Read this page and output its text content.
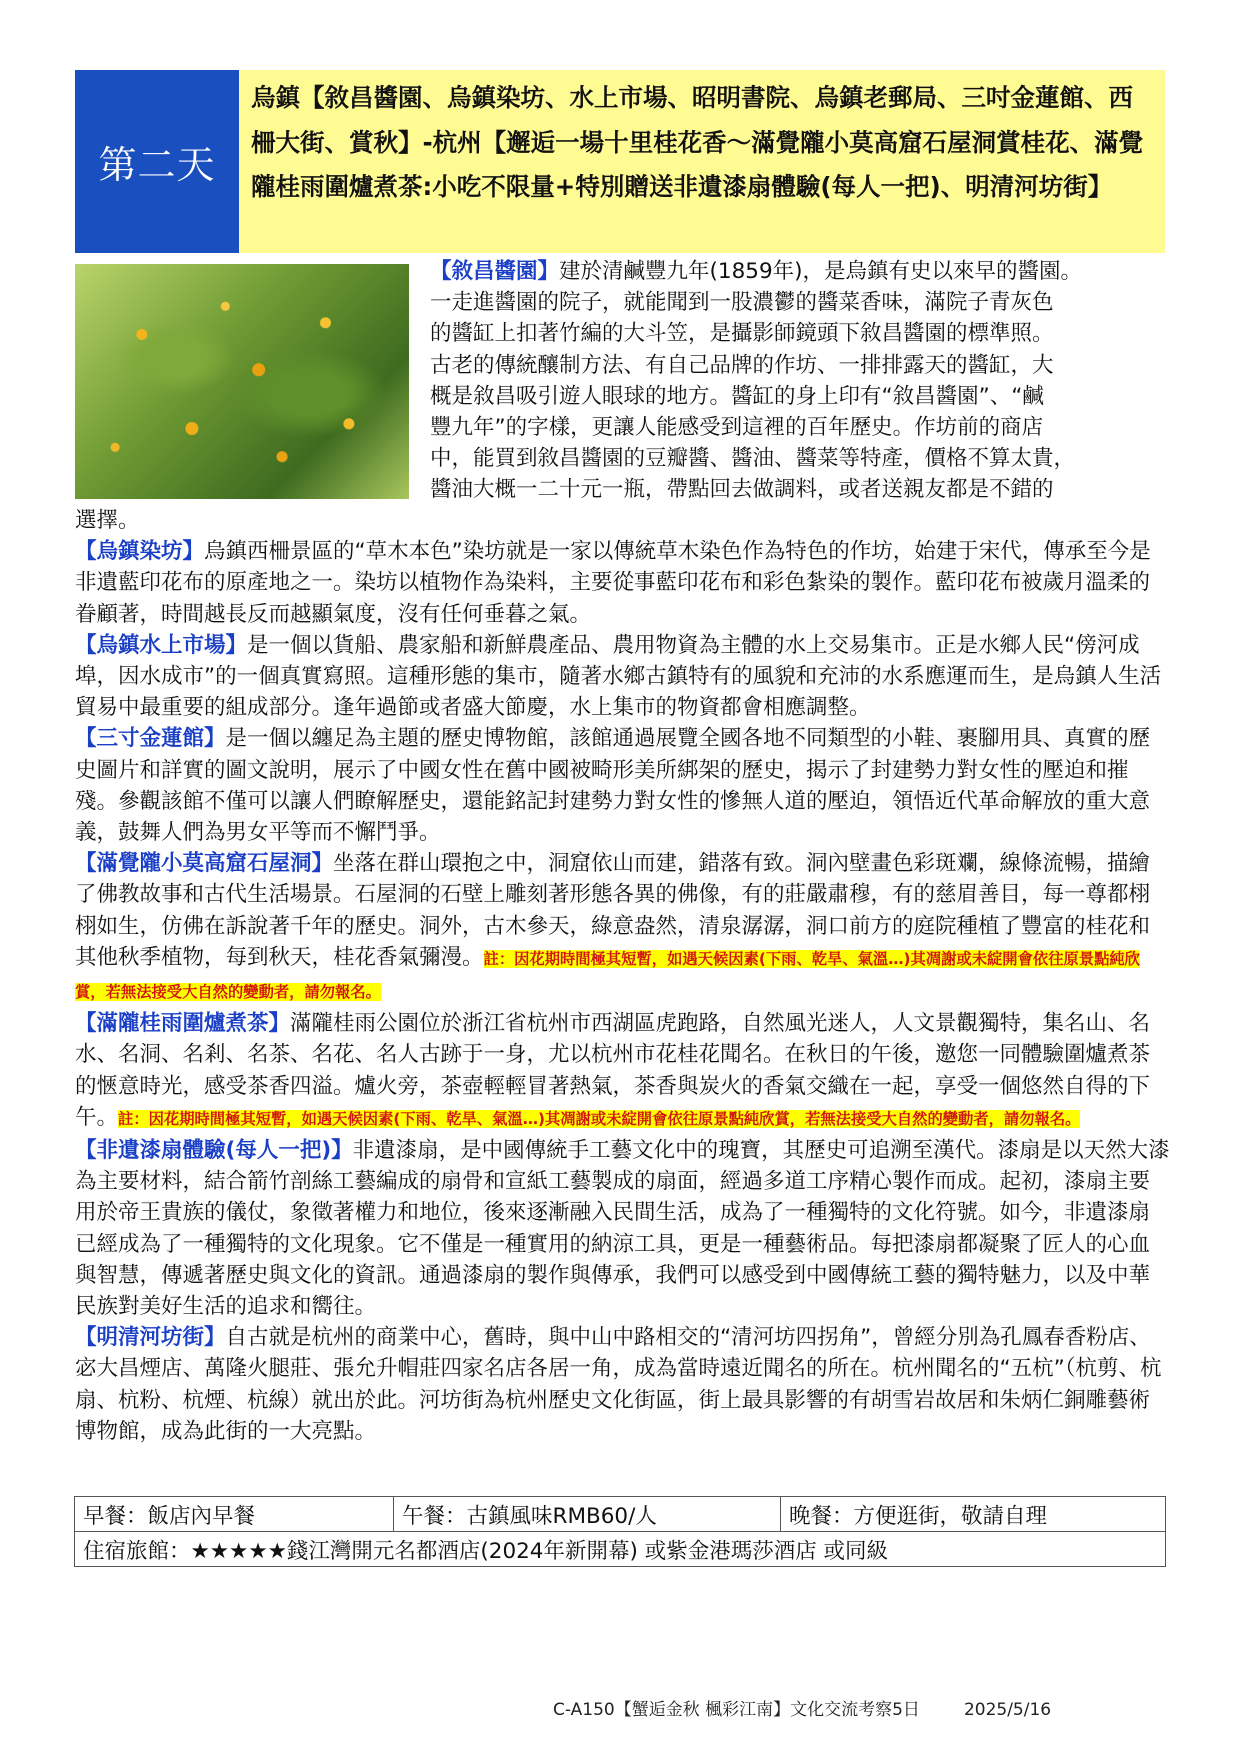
第二天
烏鎮【敘昌醬園、烏鎮染坊、水上市場、昭明書院、烏鎮老郵局、三吋金蓮館、西柵大街、賞秋】-杭州【邂逅一場十里桂花香～滿覺隴小莫高窟石屋洞賞桂花、滿覺隴桂雨圍爐煮茶:小吃不限量+特別贈送非遺漆扇體驗(每人一把)、明清河坊街】
【敘昌醬園】建於清鹹豐九年(1859年)，是烏鎮有史以來早的醬園。
一走進醬園的院子，就能聞到一股濃鬱的醬菜香味，滿院子青灰色
的醬缸上扣著竹編的大斗笠，是攝影師鏡頭下敘昌醬園的標準照。
古老的傳統釀制方法、有自己品牌的作坊、一排排露天的醬缸，大
概是敘昌吸引遊人眼球的地方。醬缸的身上印有“敘昌醬園”、“鹹
豐九年”的字樣，更讓人能感受到這裡的百年歷史。作坊前的商店
中，能買到敘昌醬園的豆瓣醬、醬油、醬菜等特產，價格不算太貴，
醬油大概一二十元一瓶，帶點回去做調料，或者送親友都是不錯的

選擇。

【烏鎮染坊】烏鎮西柵景區的“草木本色”染坊就是一家以傳統草木染色作為特色的作坊，始建于宋代，傳承至今是非遺藍印花布的原產地之一。染坊以植物作為染料，主要從事藍印花布和彩色紮染的製作。藍印花布被歲月溫柔的眷顧著，時間越長反而越顯氣度，沒有任何垂暮之氣。

【烏鎮水上市場】是一個以貨船、農家船和新鮮農產品、農用物資為主體的水上交易集市。正是水鄉人民“傍河成埠，因水成市”的一個真實寫照。這種形態的集市，隨著水鄉古鎮特有的風貌和充沛的水系應運而生，是烏鎮人生活貿易中最重要的組成部分。逢年過節或者盛大節慶，水上集市的物資都會相應調整。

【三寸金蓮館】是一個以纏足為主題的歷史博物館，該館通過展覽全國各地不同類型的小鞋、裹腳用具、真實的歷史圖片和詳實的圖文說明，展示了中國女性在舊中國被畸形美所綁架的歷史，揭示了封建勢力對女性的壓迫和摧殘。參觀該館不僅可以讓人們瞭解歷史，還能銘記封建勢力對女性的慘無人道的壓迫，領悟近代革命解放的重大意義，鼓舞人們為男女平等而不懈鬥爭。

【滿覺隴小莫高窟石屋洞】坐落在群山環抱之中，洞窟依山而建，錯落有致。洞內壁畫色彩斑斕，線條流暢，描繪了佛教故事和古代生活場景。石屋洞的石壁上雕刻著形態各異的佛像，有的莊嚴肅穆，有的慈眉善目，每一尊都栩栩如生，仿佛在訴說著千年的歷史。洞外，古木參天，綠意盎然，清泉潺潺，洞口前方的庭院種植了豐富的桂花和其他秋季植物，每到秋天，桂花香氣彌漫。註：因花期時間極其短暫，如遇天候因素(下雨、乾旱、氣溫…)其凋謝或未綻開會依往原景點純欣賞，若無法接受大自然的變動者，請勿報名。

【滿隴桂雨圍爐煮茶】滿隴桂雨公園位於浙江省杭州市西湖區虎跑路，自然風光迷人，人文景觀獨特，集名山、名水、名洞、名剎、名茶、名花、名人古跡于一身，尤以杭州市花桂花聞名。在秋日的午後，邀您一同體驗圍爐煮茶的愜意時光，感受茶香四溢。爐火旁，茶壺輕輕冒著熱氣，茶香與炭火的香氣交織在一起，享受一個悠然自得的下午。註：因花期時間極其短暫，如遇天候因素(下雨、乾旱、氣溫…)其凋謝或未綻開會依往原景點純欣賞，若無法接受大自然的變動者，請勿報名。

【非遺漆扇體驗(每人一把)】非遺漆扇，是中國傳統手工藝文化中的瑰寶，其歷史可追溯至漢代。漆扇是以天然大漆為主要材料，結合箭竹剖絲工藝編成的扇骨和宣紙工藝製成的扇面，經過多道工序精心製作而成。起初，漆扇主要用於帝王貴族的儀仗，象徵著權力和地位，後來逐漸融入民間生活，成為了一種獨特的文化符號。如今，非遺漆扇已經成為了一種獨特的文化現象。它不僅是一種實用的納涼工具，更是一種藝術品。每把漆扇都凝聚了匠人的心血與智慧，傳遞著歷史與文化的資訊。通過漆扇的製作與傳承，我們可以感受到中國傳統工藝的獨特魅力，以及中華民族對美好生活的追求和嚮往。

【明清河坊街】自古就是杭州的商業中心，舊時，與中山中路相交的“清河坊四拐角”，曾經分別為孔鳳春香粉店、宓大昌煙店、萬隆火腿莊、張允升帽莊四家名店各居一角，成為當時遠近聞名的所在。杭州聞名的“五杭”（杭剪、杭扇、杭粉、杭煙、杭線）就出於此。河坊街為杭州歷史文化街區，街上最具影響的有胡雪岩故居和朱炳仁銅雕藝術博物館，成為此街的一大亮點。

早餐：飯店內早餐	午餐：古鎮風味RMB60/人	晚餐：方便逛街，敬請自理
住宿旅館：★★★★★錢江灣開元名都酒店(2024年新開幕) 或紫金港瑪莎酒店 或同級
C-A150【蟹逅金秋 楓彩江南】文化交流考察5日	2025/5/16
